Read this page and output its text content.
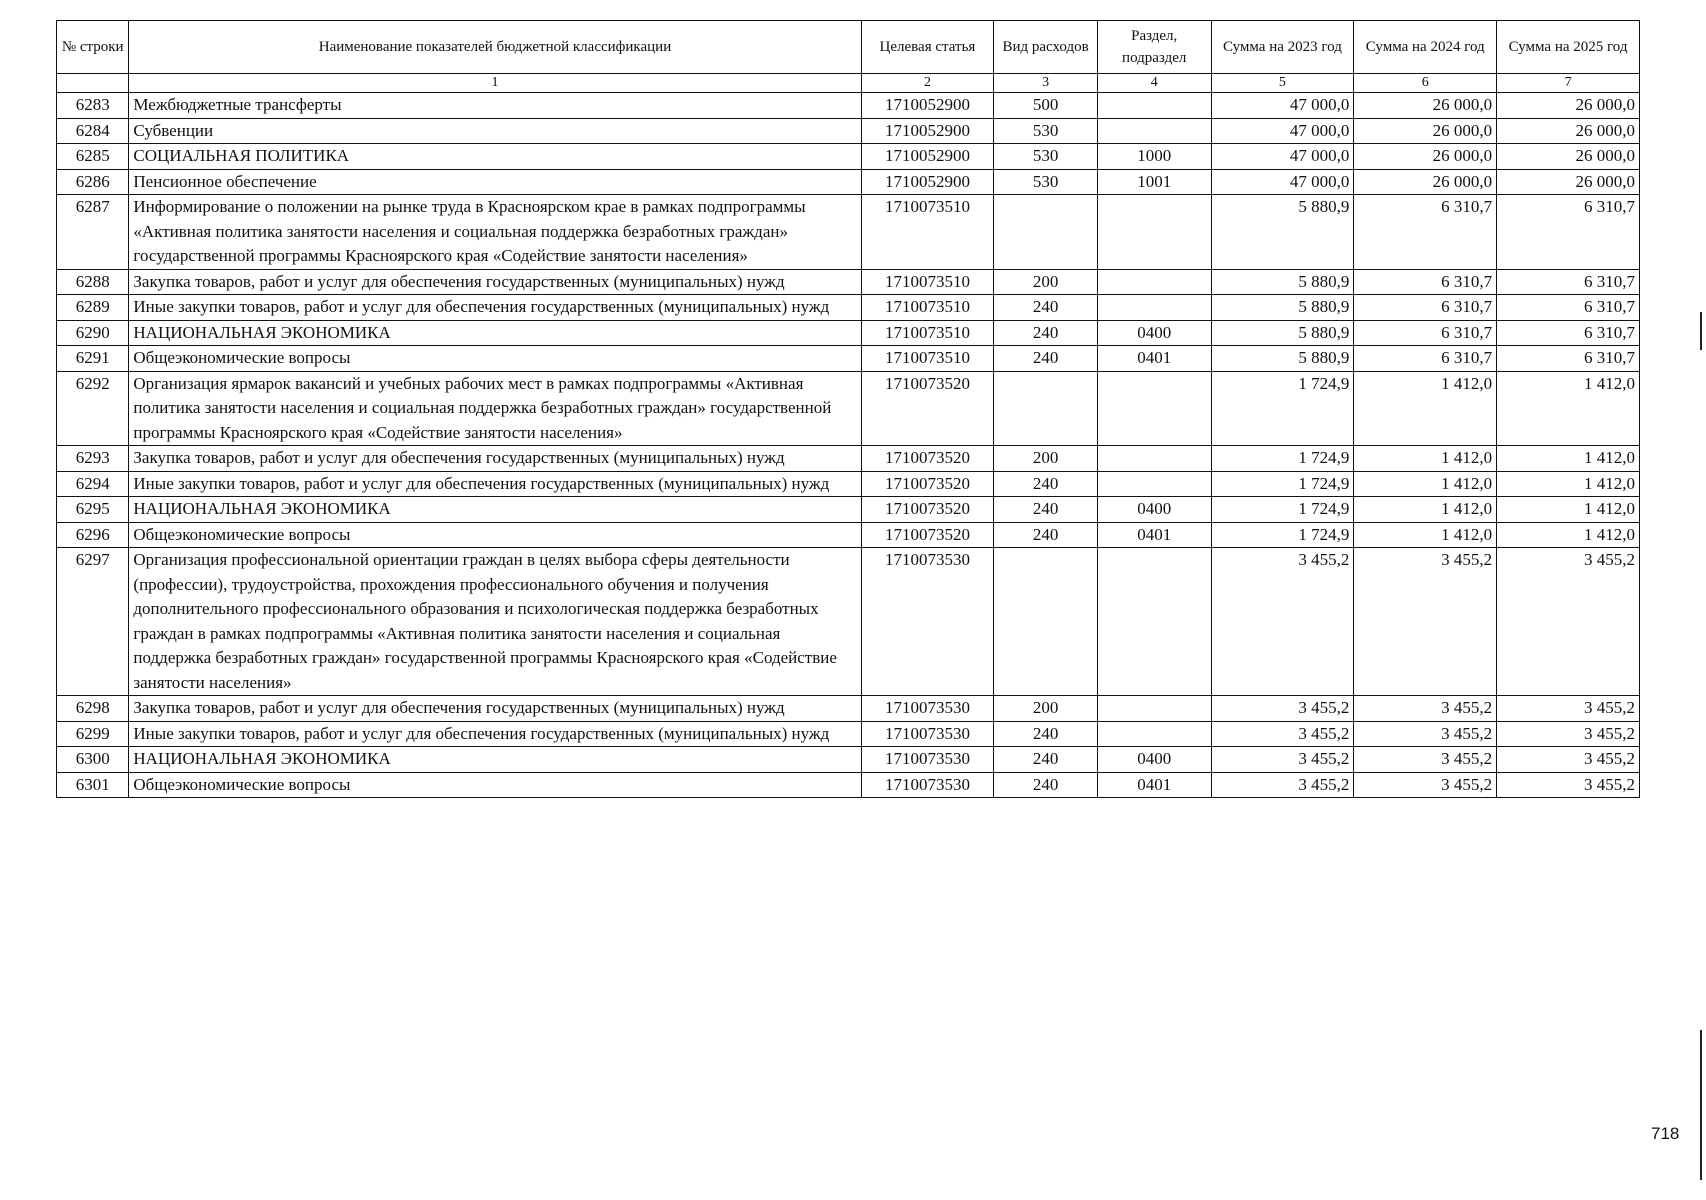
№ строки	Наименование показателей бюджетной классификации	Целевая статья	Вид расходов	Раздел, подраздел	Сумма на 2023 год	Сумма на 2024 год	Сумма на 2025 год
	1	2	3	4	5	6	7
6283	Межбюджетные трансферты	1710052900	500		47 000,0	26 000,0	26 000,0
6284	Субвенции	1710052900	530		47 000,0	26 000,0	26 000,0
6285	СОЦИАЛЬНАЯ ПОЛИТИКА	1710052900	530	1000	47 000,0	26 000,0	26 000,0
6286	Пенсионное обеспечение	1710052900	530	1001	47 000,0	26 000,0	26 000,0
6287	Информирование о положении на рынке труда в Красноярском крае в рамках подпрограммы «Активная политика занятости населения и социальная поддержка безработных граждан» государственной программы Красноярского края «Содействие занятости населения»	1710073510			5 880,9	6 310,7	6 310,7
6288	Закупка товаров, работ и услуг для обеспечения государственных (муниципальных) нужд	1710073510	200		5 880,9	6 310,7	6 310,7
6289	Иные закупки товаров, работ и услуг для обеспечения государственных (муниципальных) нужд	1710073510	240		5 880,9	6 310,7	6 310,7
6290	НАЦИОНАЛЬНАЯ ЭКОНОМИКА	1710073510	240	0400	5 880,9	6 310,7	6 310,7
6291	Общеэкономические вопросы	1710073510	240	0401	5 880,9	6 310,7	6 310,7
6292	Организация ярмарок вакансий и учебных рабочих мест в рамках подпрограммы «Активная политика занятости населения и социальная поддержка безработных граждан» государственной программы Красноярского края «Содействие занятости населения»	1710073520			1 724,9	1 412,0	1 412,0
6293	Закупка товаров, работ и услуг для обеспечения государственных (муниципальных) нужд	1710073520	200		1 724,9	1 412,0	1 412,0
6294	Иные закупки товаров, работ и услуг для обеспечения государственных (муниципальных) нужд	1710073520	240		1 724,9	1 412,0	1 412,0
6295	НАЦИОНАЛЬНАЯ ЭКОНОМИКА	1710073520	240	0400	1 724,9	1 412,0	1 412,0
6296	Общеэкономические вопросы	1710073520	240	0401	1 724,9	1 412,0	1 412,0
6297	Организация профессиональной ориентации граждан в целях выбора сферы деятельности (профессии), трудоустройства, прохождения профессионального обучения и получения дополнительного профессионального образования и психологическая поддержка безработных граждан в рамках подпрограммы «Активная политика занятости населения и социальная поддержка безработных граждан» государственной программы Красноярского края «Содействие занятости населения»	1710073530			3 455,2	3 455,2	3 455,2
6298	Закупка товаров, работ и услуг для обеспечения государственных (муниципальных) нужд	1710073530	200		3 455,2	3 455,2	3 455,2
6299	Иные закупки товаров, работ и услуг для обеспечения государственных (муниципальных) нужд	1710073530	240		3 455,2	3 455,2	3 455,2
6300	НАЦИОНАЛЬНАЯ ЭКОНОМИКА	1710073530	240	0400	3 455,2	3 455,2	3 455,2
6301	Общеэкономические вопросы	1710073530	240	0401	3 455,2	3 455,2	3 455,2
718
